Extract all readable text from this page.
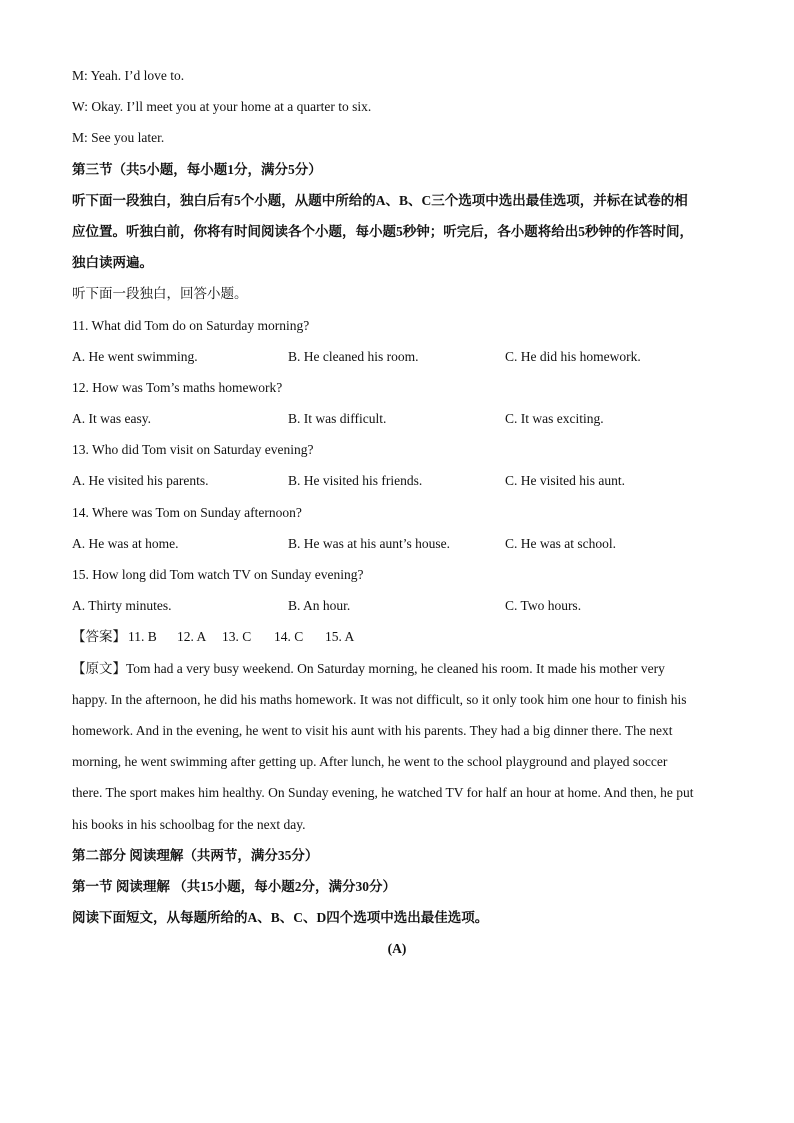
M: Yeah. I’d love to.
W: Okay. I’ll meet you at your home at a quarter to six.
M: See you later.
第三节（共5小题，每小题1分，满分5分）
听下面一段独白，独白后有5个小题，从题中所给的A、B、C三个选项中选出最佳选项，并标在试卷的相
应位置。听独白前，你将有时间阅读各个小题，每小题5秒钟；听完后，各小题将给出5秒钟的作答时间，
独白读两遍。
听下面一段独白，回答小题。
11. What did Tom do on Saturday morning?
A. He went swimming.	B. He cleaned his room.	C. He did his homework.
12. How was Tom’s maths homework?
A. It was easy.	B. It was difficult.	C. It was exciting.
13. Who did Tom visit on Saturday evening?
A. He visited his parents.	B. He visited his friends.	C. He visited his aunt.
14. Where was Tom on Sunday afternoon?
A. He was at home.	B. He was at his aunt’s house.	C. He was at school.
15. How long did Tom watch TV on Sunday evening?
A. Thirty minutes.	B. An hour.	C. Two hours.
【答案】 11. B	12. A	13. C	14. C	15. A
【原文】Tom had a very busy weekend. On Saturday morning, he cleaned his room. It made his mother very
happy. In the afternoon, he did his maths homework. It was not difficult, so it only took him one hour to finish his
homework. And in the evening, he went to visit his aunt with his parents. They had a big dinner there. The next
morning, he went swimming after getting up. After lunch, he went to the school playground and played soccer
there. The sport makes him healthy. On Sunday evening, he watched TV for half an hour at home. And then, he put
his books in his schoolbag for the next day.
第二部分 阅读理解（共两节，满分35分）
第一节 阅读理解 （共15小题，每小题2分，满分30分）
阅读下面短文，从每题所给的A、B、C、D四个选项中选出最佳选项。
(A)
